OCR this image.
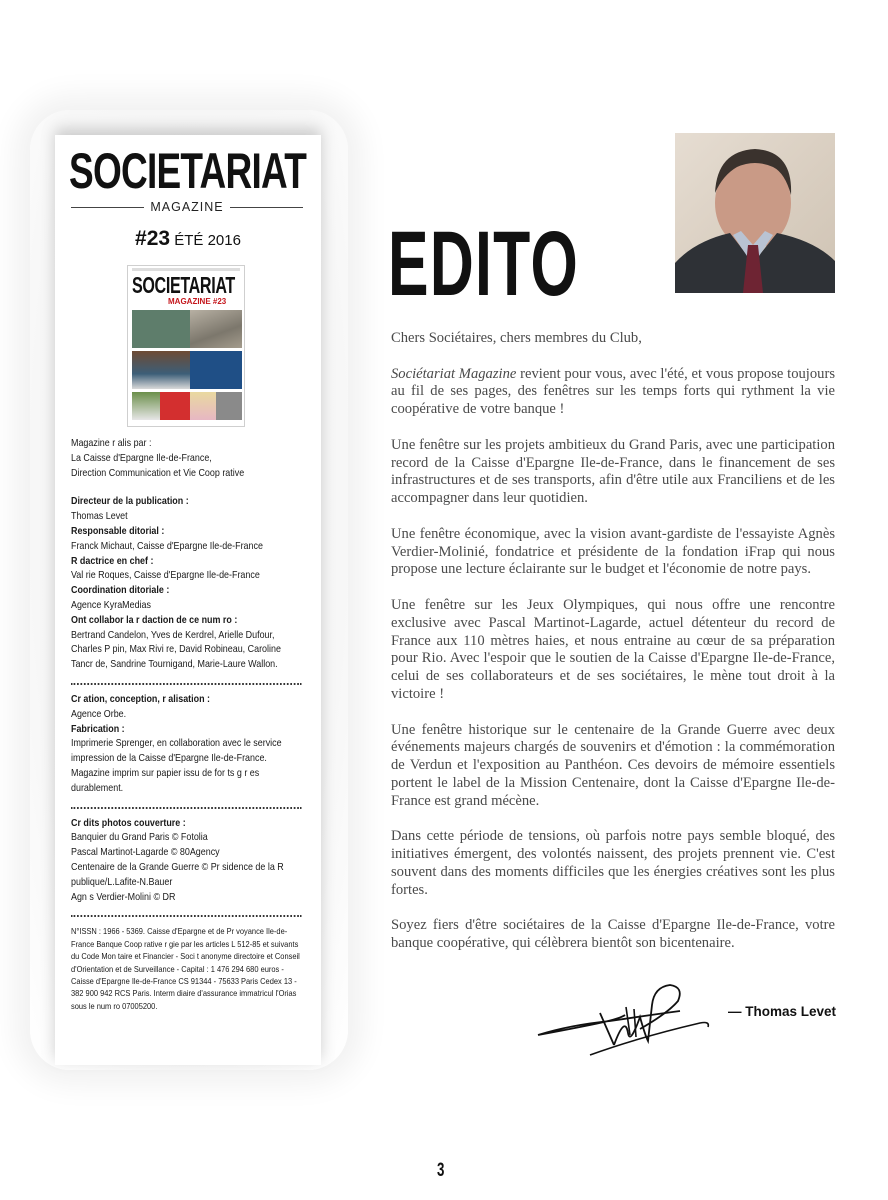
SOCIETARIAT
MAGAZINE
#23 ÉTÉ 2016
SOCIETARIAT
MAGAZINE #23
Magazine r alis par :
La Caisse d'Epargne Ile-de-France,
Direction Communication et Vie Coop rative
Directeur de la publication :
Thomas Levet
Responsable ditorial :
Franck Michaut, Caisse d'Epargne Ile-de-France
R dactrice en chef :
Val rie Roques, Caisse d'Epargne Ile-de-France
Coordination ditoriale :
Agence KyraMedias
Ont collabor la r daction de ce num ro :
Bertrand Candelon, Yves de Kerdrel, Arielle Dufour, Charles P pin, Max Rivi re, David Robineau, Caroline Tancr de, Sandrine Tournigand, Marie-Laure Wallon.
Cr ation, conception, r alisation :
Agence Orbe.
Fabrication :
Imprimerie Sprenger, en collaboration avec le service impression de la Caisse d'Epargne Ile-de-France. Magazine imprim sur papier issu de for ts g r es durablement.
Cr dits photos couverture :
Banquier du Grand Paris © Fotolia
Pascal Martinot-Lagarde © 80Agency
Centenaire de la Grande Guerre © Pr sidence de la R publique/L.Lafite-N.Bauer
Agn s Verdier-Molini © DR
N°ISSN : 1966 - 5369. Caisse d'Epargne et de Pr voyance Ile-de-France Banque Coop rative r gie par les articles L 512-85 et suivants du Code Mon taire et Financier - Soci t anonyme directoire et Conseil d'Orientation et de Surveillance - Capital : 1 476 294 680 euros - Caisse d'Epargne Ile-de-France CS 91344 - 75633 Paris Cedex 13 - 382 900 942 RCS Paris. Interm diaire d'assurance immatricul l'Orias sous le num ro 07005200.
EDITO

Chers Sociétaires, chers membres du Club,

Sociétariat Magazine revient pour vous, avec l'été, et vous propose toujours au fil de ses pages, des fenêtres sur les temps forts qui rythment la vie coopérative de votre banque !

Une fenêtre sur les projets ambitieux du Grand Paris, avec une participation record de la Caisse d'Epargne Ile-de-France, dans le financement de ses infrastructures et de ses transports, afin d'être utile aux Franciliens et de les accompagner dans leur quotidien.

Une fenêtre économique, avec la vision avant-gardiste de l'essayiste Agnès Verdier-Molinié, fondatrice et présidente de la fondation iFrap qui nous propose une lecture éclairante sur le budget et l'économie de notre pays.

Une fenêtre sur les Jeux Olympiques, qui nous offre une rencontre exclusive avec Pascal Martinot-Lagarde, actuel détenteur du record de France aux 110 mètres haies, et nous entraine au cœur de sa préparation pour Rio. Avec l'espoir que le soutien de la Caisse d'Epargne Ile-de-France, celui de ses collaborateurs et de ses sociétaires, le mène tout droit à la victoire !

Une fenêtre historique sur le centenaire de la Grande Guerre avec deux événements majeurs chargés de souvenirs et d'émotion : la commémoration de Verdun et l'exposition au Panthéon. Ces devoirs de mémoire essentiels portent le label de la Mission Centenaire, dont la Caisse d'Epargne Ile-de-France est grand mécène.

Dans cette période de tensions, où parfois notre pays semble bloqué, des initiatives émergent, des volontés naissent, des projets prennent vie. C'est souvent dans des moments difficiles que les énergies créatives sont les plus fortes.

Soyez fiers d'être sociétaires de la Caisse d'Epargne Ile-de-France, votre banque coopérative, qui célèbrera bientôt son bicentenaire.

— Thomas Levet
3
